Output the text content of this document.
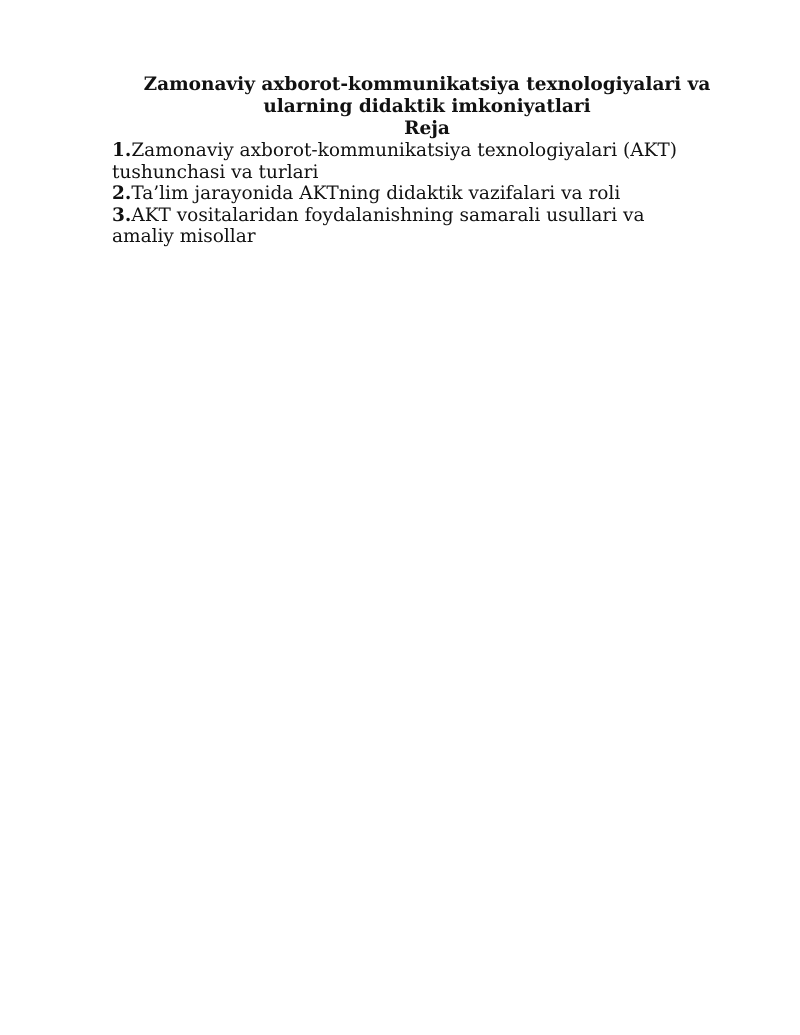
Zamonaviy axborot-kommunikatsiya texnologiyalari va
ularning didaktik imkoniyatlari
Reja
1.Zamonaviy axborot-kommunikatsiya texnologiyalari (AKT) tushunchasi va turlari
2.Ta’lim jarayonida AKTning didaktik vazifalari va roli
3.AKT vositalaridan foydalanishning samarali usullari va amaliy misollar
